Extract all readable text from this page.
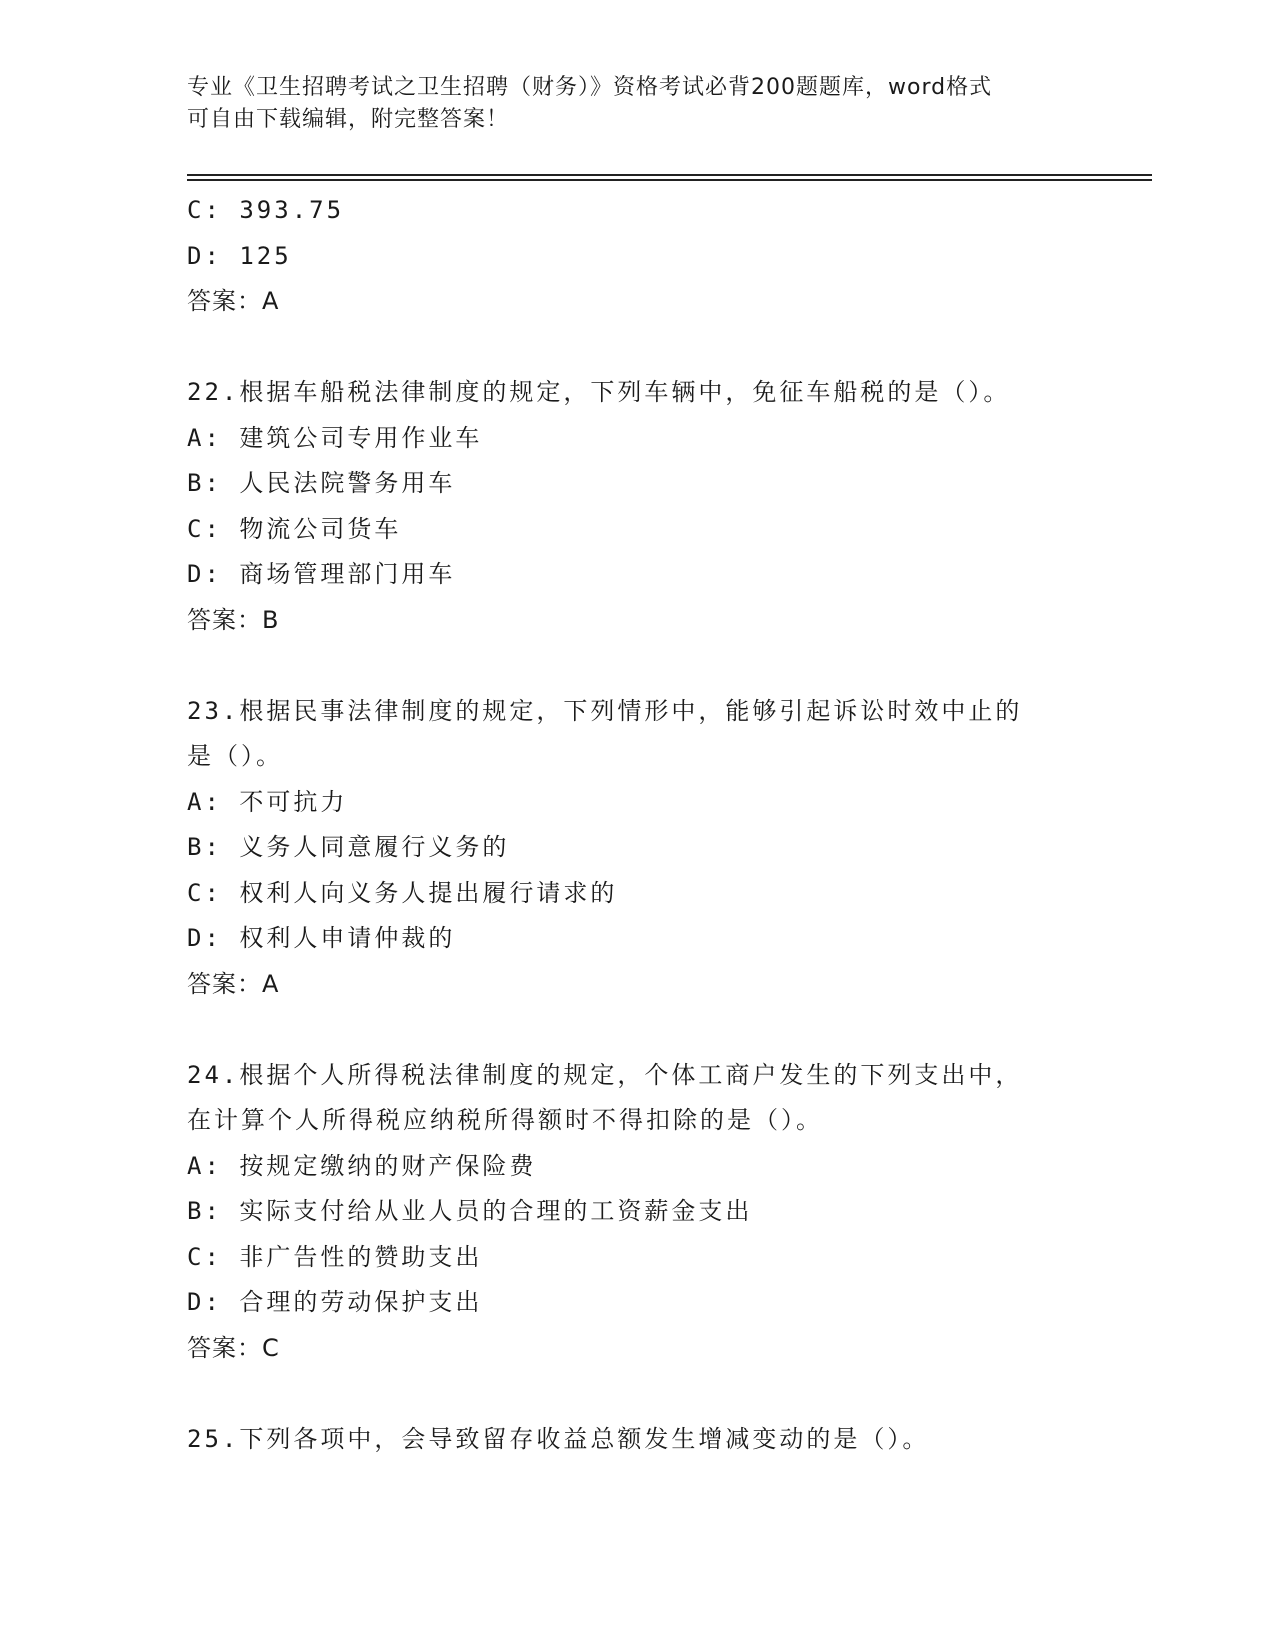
专业《卫生招聘考试之卫生招聘（财务）》资格考试必背200题题库，word格式
可自由下载编辑，附完整答案！
C: 393.75
D: 125
答案：A
22.根据车船税法律制度的规定，下列车辆中，免征车船税的是（）。
A: 建筑公司专用作业车
B: 人民法院警务用车
C: 物流公司货车
D: 商场管理部门用车
答案：B
23.根据民事法律制度的规定，下列情形中，能够引起诉讼时效中止的
是（）。
A: 不可抗力
B: 义务人同意履行义务的
C: 权利人向义务人提出履行请求的
D: 权利人申请仲裁的
答案：A
24.根据个人所得税法律制度的规定，个体工商户发生的下列支出中，
在计算个人所得税应纳税所得额时不得扣除的是（）。
A: 按规定缴纳的财产保险费
B: 实际支付给从业人员的合理的工资薪金支出
C: 非广告性的赞助支出
D: 合理的劳动保护支出
答案：C
25.下列各项中，会导致留存收益总额发生增减变动的是（）。
